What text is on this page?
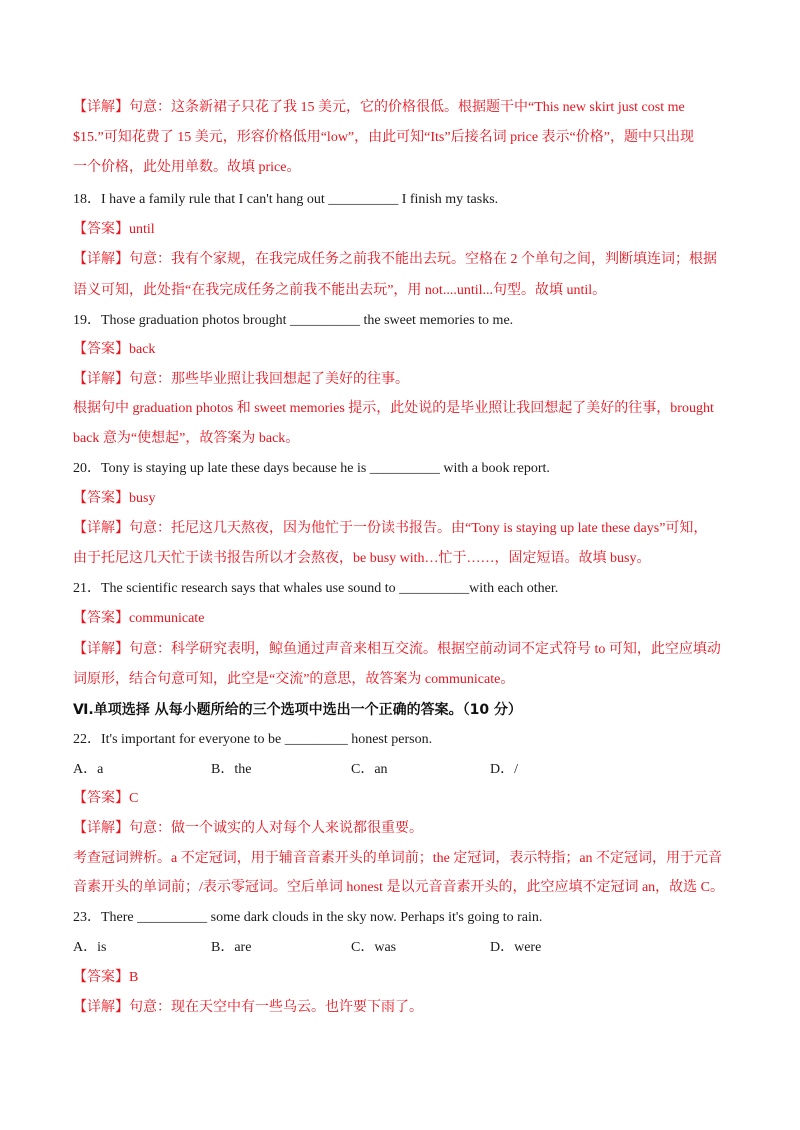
【详解】句意：这条新裙子只花了我 15 美元，它的价格很低。根据题干中“This new skirt just cost me
$15.”可知花费了 15 美元，形容价格低用“low”，由此可知“Its”后接名词 price 表示“价格”，题中只出现
一个价格，此处用单数。故填 price。
18．I have a family rule that I can't hang out __________ I finish my tasks.
【答案】until
【详解】句意：我有个家规，在我完成任务之前我不能出去玩。空格在 2 个单句之间，判断填连词；根据
语义可知，此处指“在我完成任务之前我不能出去玩”，用 not....until...句型。故填 until。
19．Those graduation photos brought __________ the sweet memories to me.
【答案】back
【详解】句意：那些毕业照让我回想起了美好的往事。
根据句中 graduation photos 和 sweet memories 提示，此处说的是毕业照让我回想起了美好的往事，brought
back 意为“使想起”，故答案为 back。
20．Tony is staying up late these days because he is __________ with a book report.
【答案】busy
【详解】句意：托尼这几天熬夜，因为他忙于一份读书报告。由“Tony is staying up late these days”可知，
由于托尼这几天忙于读书报告所以才会熬夜，be busy with…忙于……，固定短语。故填 busy。
21．The scientific research says that whales use sound to __________with each other.
【答案】communicate
【详解】句意：科学研究表明，鲸鱼通过声音来相互交流。根据空前动词不定式符号 to 可知，此空应填动
词原形，结合句意可知，此空是“交流”的意思，故答案为 communicate。
Ⅵ.单项选择 从每小题所给的三个选项中选出一个正确的答案。（10 分）
22．It's important for everyone to be _________ honest person.
A．a	B．the	C．an	D．/
【答案】C
【详解】句意：做一个诚实的人对每个人来说都很重要。
考查冠词辨析。a 不定冠词，用于辅音音素开头的单词前；the 定冠词，表示特指；an 不定冠词，用于元音
音素开头的单词前；/表示零冠词。空后单词 honest 是以元音音素开头的，此空应填不定冠词 an，故选 C。
23．There __________ some dark clouds in the sky now. Perhaps it's going to rain.
A．is	B．are	C．was	D．were
【答案】B
【详解】句意：现在天空中有一些乌云。也许要下雨了。
